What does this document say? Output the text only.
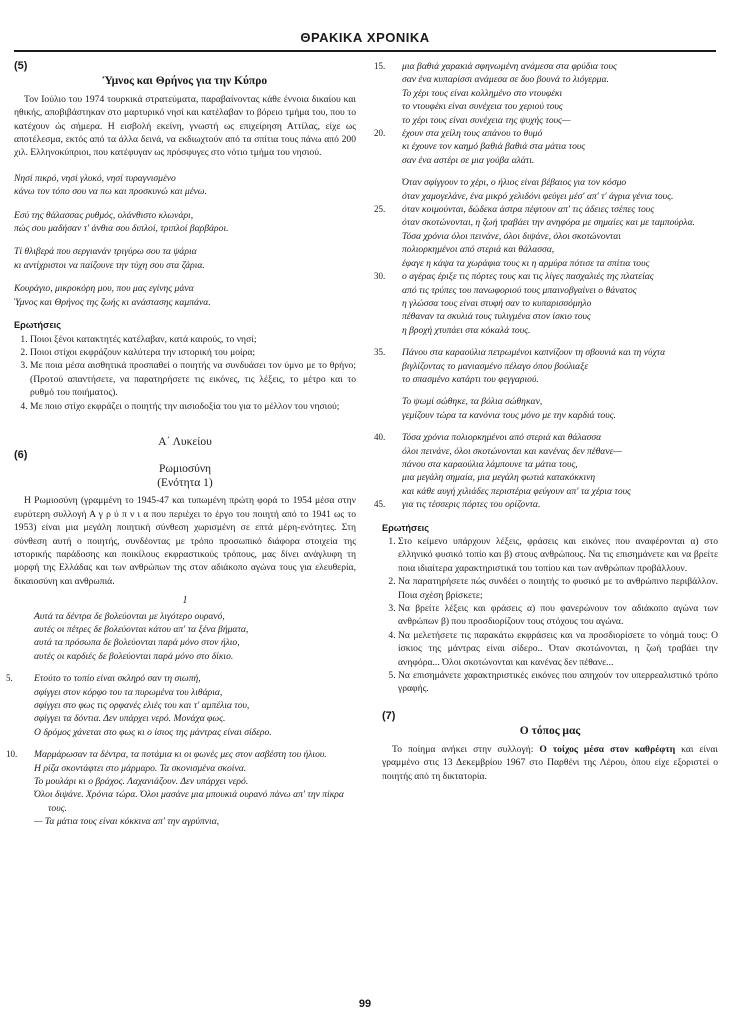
ΘΡΑΚΙΚΑ ΧΡΟΝΙΚΑ
(5)
Ύμνος και Θρήνος για την Κύπρο

Τον Ιούλιο του 1974 τουρκικά στρατεύματα, παραβαίνοντας κάθε έννοια δικαίου και ηθικής, αποβιβάστηκαν στο μαρτυρικό νησί και κατέλαβαν το βόρειο τμήμα του, που το κατέχουν ώς σήμερα. Η εισβολή εκείνη, γνωστή ως επιχείρηση Αττίλας, είχε ως αποτέλεσμα, εκτός από τα άλλα δεινά, να εκδιωχτούν από τα σπίτια τους πάνω από 200 χιλ. Ελληνοκύπριοι, που κατέφυγαν ως πρόσφυγες στο νότιο τμήμα του νησιού.

Νησί πικρό, νησί γλυκό, νησί τυραγνισμένο
κάνω τον τόπο σου να πω και προσκυνώ και μένω.
Εσύ της θάλασσας ρυθμός, ολάνθιστο κλωνάρι,
πώς σου μαδήσαν τ' άνθια σου διπλοί, τριπλοί βαρβάροι.
Τί θλιβερά που σεργιανάν τριγύρω σου τα ψάρια
κι αντίχριστοι να παίζουνε την τύχη σου στα ζάρια.
Κουράγιο, μικροκόρη μου, που μας εγίνης μάνα
Ύμνος και Θρήνος της ζωής κι ανάστασης καμπάνα.
Ερωτήσεις
1. Ποιοι ξένοι κατακτητές κατέλαβαν, κατά καιρούς, το νησί;
2. Ποιοι στίχοι εκφράζουν καλύτερα την ιστορική του μοίρα;
3. Με ποια μέσα αισθητικά προσπαθεί ο ποιητής να συνδυάσει τον ύμνο με το θρήνο; (Προτού απαντήσετε, να παρατηρήσετε τις εικόνες, τις λέξεις, το μέτρο και το ρυθμό του ποιήματος).
4. Με ποιο στίχο εκφράζει ο ποιητής την αισιοδοξία του για το μέλλον του νησιού;
Α΄ Λυκείου
(6)
Ρωμιοσύνη
(Ενότητα 1)

Η Ρωμιοσύνη (γραμμένη το 1945-47 και τυπωμένη πρώτη φορά το 1954 μέσα στην ευρύτερη συλλογή Α γ ρ ύ π ν ι α που περιέχει το έργο του ποιητή από το 1941 ως το 1953) είναι μια μεγάλη ποιητική σύνθεση χωρισμένη σε επτά μέρη-ενότητες. Στη σύνθεση αυτή ο ποιητής, συνδέοντας με τρόπο προσωπικό διάφορα στοιχεία της ιστορικής παράδοσης και ποικίλους εκφραστικούς τρόπους, μας δίνει ανάγλυφη τη μορφή της Ελλάδας και των ανθρώπων της στον αδιάκοπο αγώνα τους για ελευθερία, δικαιοσύνη και ανθρωπιά.

1
Αυτά τα δέντρα δε βολεύονται με λιγότερο ουρανό,
αυτές οι πέτρες δε βολεύονται κάτου απ' τα ξένα βήματα,
αυτά τα πρόσωπα δε βολεύονται παρά μόνο στον ήλιο,
αυτές οι καρδιές δε βολεύονται παρά μόνο στο δίκιο.
5.	Ετούτο το τοπίο είναι σκληρό σαν τη σιωπή,
σφίγγει στον κόρφο του τα πυρωμένα του λιθάρια,
σφίγγει στο φως τις ορφανές ελιές του και τ' αμπέλια του,
σφίγγει τα δόντια. Δεν υπάρχει νερό. Μονάχα φως.
Ο δρόμος χάνεται στο φως κι ο ίσιος της μάντρας είναι σίδερο.
10. Μαρμάρωσαν τα δέντρα, τα ποτάμια κι οι φωνές μες στον ασβέστη του ήλιου.
Η ρίζα σκοντάφτει στο μάρμαρο. Τα σκονισμένα σκοίνα.
Το μουλάρι κι ο βράχος. Λαχανιάζουν. Δεν υπάρχει νερό.
Όλοι διψάνε. Χρόνια τώρα. Όλοι μασάνε μια μπουκιά ουρανό πάνω απ' την πίκρα τους.
— Τα μάτια τους είναι κόκκινα απ' την αγρύπνια,
15. μια βαθιά χαρακιά σφηνωμένη ανάμεσα στα φρύδια τους
σαν ένα κυπαρίσσι ανάμεσα σε δυο βουνά το λιόγερμα.
Το χέρι τους είναι κολλημένο στο ντουφέκι
το ντουφέκι είναι συνέχεια του χεριού τους
το χέρι τους είναι συνέχεια της ψυχής τους—
20. έχουν στα χείλη τους απάνου το θυμό
κι έχουνε τον καημό βαθιά βαθιά στα μάτια τους
σαν ένα αστέρι σε μια γούβα αλάτι.
Όταν σφίγγουν το χέρι, ο ήλιος είναι βέβαιος για τον κόσμο
όταν χαμογελάνε, ένα μικρό χελιδόνι φεύγει μέσ' απ' τ' άγρια γένια τους.
25. όταν κοιμούνται, δώδεκα άστρα πέφτουν απ' τις άδειες τσέπες τους
όταν σκοτώνονται, η ζωή τραβάει την ανηφόρα με σημαίες και με ταμπούρλα.
Τόσα χρόνια όλοι πεινάνε, όλοι διψάνε, όλοι σκοτώνονται
πολιορκημένοι από στεριά και θάλασσα,
έφαγε η κάψα τα χωράφια τους κι η αρμύρα πότισε τα σπίτια τους
30. ο αγέρας έριξε τις πόρτες τους και τις λίγες πασχαλιές της πλατείας
από τις τρύπες του πανωφοριού τους μπαινοβγαίνει ο θάνατος
η γλώσσα τους είναι στυφή σαν το κυπαρισσόμηλο
πέθαναν τα σκυλιά τους τυλιγμένα στον ίσκιο τους
η βροχή χτυπάει στα κόκαλά τους.
35. Πάνου στα καραούλια πετρωμένοι καπνίζουν τη σβουνιά και τη νύχτα
βιγλίζοντας το μανιασμένο πέλαγο όπου βούλιαξε
το σπασμένο κατάρτι του φεγγαριού.
Το ψωμί σώθηκε, τα βόλια σώθηκαν,
γεμίζουν τώρα τα κανόνια τους μόνο με την καρδιά τους.
40. Τόσα χρόνια πολιορκημένοι από στεριά και θάλασσα
όλοι πεινάνε, όλοι σκοτώνονται και κανένας δεν πέθανε—
πάνου στα καραούλια λάμπουνε τα μάτια τους,
μια μεγάλη σημαία, μια μεγάλη φωτιά κατακόκκινη
και κάθε αυγή χιλιάδες περιστέρια φεύγουν απ' τα χέρια τους
45. για τις τέσσερις πόρτες του ορίζοντα.
Ερωτήσεις
1. Στο κείμενο υπάρχουν λέξεις, φράσεις και εικόνες που αναφέρονται α) στο ελληνικό φυσικό τοπίο και β) στους ανθρώπους. Να τις επισημάνετε και να βρείτε ποια ιδιαίτερα χαρακτηριστικά του τοπίου και των ανθρώπων προβάλλουν.
2. Να παρατηρήσετε πώς συνδέει ο ποιητής το φυσικό με το ανθρώπινο περιβάλλον. Ποια σχέση βρίσκετε;
3. Να βρείτε λέξεις και φράσεις α) που φανερώνουν τον αδιάκοπο αγώνα των ανθρώπων β) που προσδιορίζουν τους στόχους του αγώνα.
4. Να μελετήσετε τις παρακάτω εκφράσεις και να προσδιορίσετε το νόημά τους: Ο ίσκιος της μάντρας είναι σίδερο.. Όταν σκοτώνονται, η ζωή τραβάει την ανηφόρα... Όλοι σκοτώνονται και κανένας δεν πέθανε...
5. Να επισημάνετε χαρακτηριστικές εικόνες που απηχούν τον υπερρεαλιστικό τρόπο γραφής.
(7)
Ο τόπος μας

Το ποίημα ανήκει στην συλλογή: Ο τοίχος μέσα στον καθρέφτη και είναι γραμμένο στις 13 Δεκεμβρίου 1967 στο Παρθένι της Λέρου, όπου είχε εξοριστεί ο ποιητής από τη δικτατορία.

99
